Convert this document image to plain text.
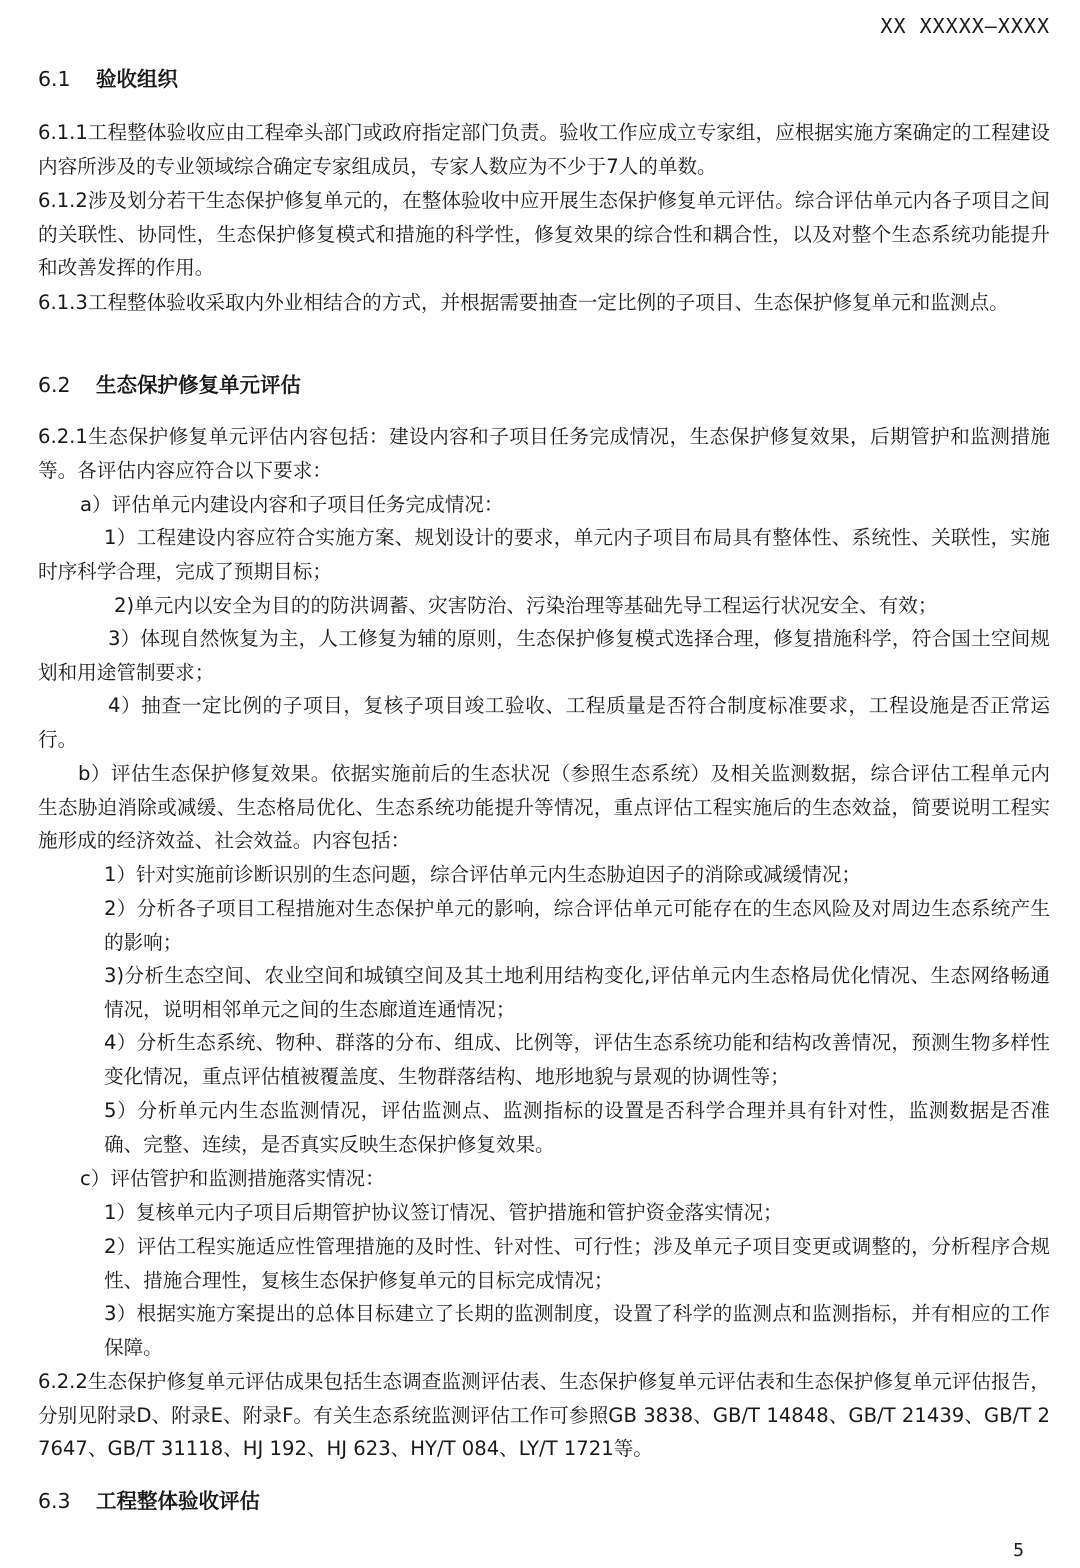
XX XXXXX—XXXX
6.1 验收组织

6.1.1工程整体验收应由工程牵头部门或政府指定部门负责。验收工作应成立专家组，应根据实施方案确定的工程建设内容所涉及的专业领域综合确定专家组成员，专家人数应为不少于7人的单数。

6.1.2涉及划分若干生态保护修复单元的，在整体验收中应开展生态保护修复单元评估。综合评估单元内各子项目之间的关联性、协同性，生态保护修复模式和措施的科学性，修复效果的综合性和耦合性，以及对整个生态系统功能提升和改善发挥的作用。

6.1.3工程整体验收采取内外业相结合的方式，并根据需要抽查一定比例的子项目、生态保护修复单元和监测点。

6.2 生态保护修复单元评估

6.2.1生态保护修复单元评估内容包括：建设内容和子项目任务完成情况，生态保护修复效果，后期管护和监测措施等。各评估内容应符合以下要求：

a）评估单元内建设内容和子项目任务完成情况：

1）工程建设内容应符合实施方案、规划设计的要求，单元内子项目布局具有整体性、系统性、关联性，实施时序科学合理，完成了预期目标；

2)单元内以安全为目的的防洪调蓄、灾害防治、污染治理等基础先导工程运行状况安全、有效；

3）体现自然恢复为主，人工修复为辅的原则，生态保护修复模式选择合理，修复措施科学，符合国土空间规划和用途管制要求；

4）抽查一定比例的子项目，复核子项目竣工验收、工程质量是否符合制度标准要求，工程设施是否正常运行。

b）评估生态保护修复效果。依据实施前后的生态状况（参照生态系统）及相关监测数据，综合评估工程单元内生态胁迫消除或减缓、生态格局优化、生态系统功能提升等情况，重点评估工程实施后的生态效益，简要说明工程实施形成的经济效益、社会效益。内容包括：

1）针对实施前诊断识别的生态问题，综合评估单元内生态胁迫因子的消除或减缓情况；

2）分析各子项目工程措施对生态保护单元的影响，综合评估单元可能存在的生态风险及对周边生态系统产生的影响；

3)分析生态空间、农业空间和城镇空间及其土地利用结构变化,评估单元内生态格局优化情况、生态网络畅通情况，说明相邻单元之间的生态廊道连通情况；

4）分析生态系统、物种、群落的分布、组成、比例等，评估生态系统功能和结构改善情况，预测生物多样性变化情况，重点评估植被覆盖度、生物群落结构、地形地貌与景观的协调性等；

5）分析单元内生态监测情况，评估监测点、监测指标的设置是否科学合理并具有针对性，监测数据是否准确、完整、连续，是否真实反映生态保护修复效果。

c）评估管护和监测措施落实情况：

1）复核单元内子项目后期管护协议签订情况、管护措施和管护资金落实情况；

2）评估工程实施适应性管理措施的及时性、针对性、可行性；涉及单元子项目变更或调整的，分析程序合规性、措施合理性，复核生态保护修复单元的目标完成情况；

3）根据实施方案提出的总体目标建立了长期的监测制度，设置了科学的监测点和监测指标，并有相应的工作保障。

6.2.2生态保护修复单元评估成果包括生态调查监测评估表、生态保护修复单元评估表和生态保护修复单元评估报告，分别见附录D、附录E、附录F。有关生态系统监测评估工作可参照GB 3838、GB/T 14848、GB/T 21439、GB/T 27647、GB/T 31118、HJ 192、HJ 623、HY/T 084、LY/T 1721等。

6.3 工程整体验收评估
5
